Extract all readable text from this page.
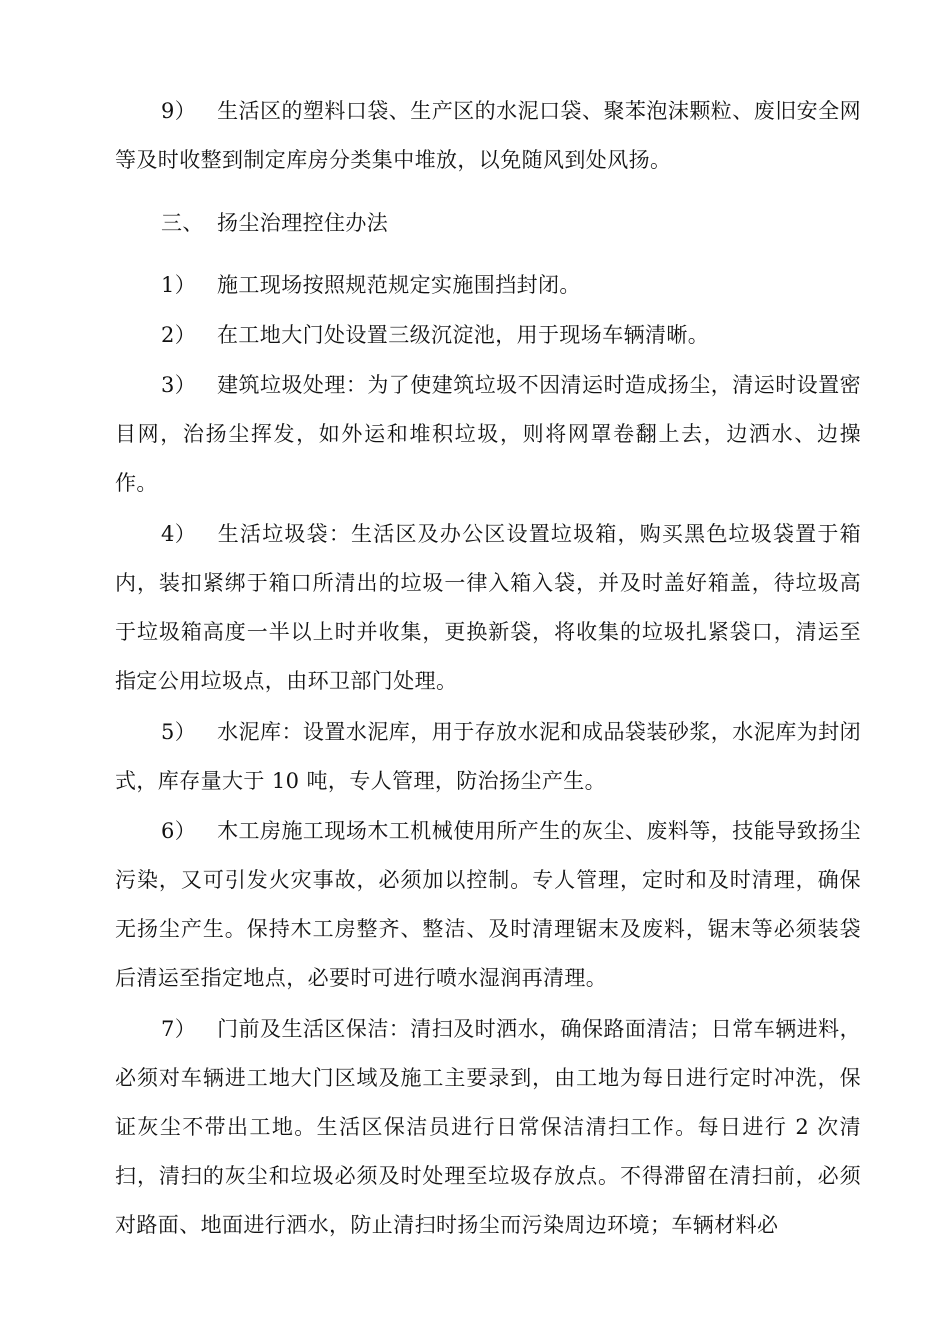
9） 生活区的塑料口袋、生产区的水泥口袋、聚苯泡沫颗粒、废旧安全网等及时收整到制定库房分类集中堆放，以免随风到处风扬。

三、 扬尘治理控住办法

1） 施工现场按照规范规定实施围挡封闭。

2） 在工地大门处设置三级沉淀池，用于现场车辆清晰。

3） 建筑垃圾处理：为了使建筑垃圾不因清运时造成扬尘，清运时设置密目网，治扬尘挥发，如外运和堆积垃圾，则将网罩卷翻上去，边洒水、边操作。

4） 生活垃圾袋：生活区及办公区设置垃圾箱，购买黑色垃圾袋置于箱内，装扣紧绑于箱口所清出的垃圾一律入箱入袋，并及时盖好箱盖，待垃圾高于垃圾箱高度一半以上时并收集，更换新袋，将收集的垃圾扎紧袋口，清运至指定公用垃圾点，由环卫部门处理。

5） 水泥库：设置水泥库，用于存放水泥和成品袋装砂浆，水泥库为封闭式，库存量大于 10 吨，专人管理，防治扬尘产生。

6） 木工房施工现场木工机械使用所产生的灰尘、废料等，技能导致扬尘污染，又可引发火灾事故，必须加以控制。专人管理，定时和及时清理，确保无扬尘产生。保持木工房整齐、整洁、及时清理锯末及废料，锯末等必须装袋后清运至指定地点，必要时可进行喷水湿润再清理。

7） 门前及生活区保洁：清扫及时洒水，确保路面清洁；日常车辆进料，必须对车辆进工地大门区域及施工主要录到，由工地为每日进行定时冲洗，保证灰尘不带出工地。生活区保洁员进行日常保洁清扫工作。每日进行 2 次清扫，清扫的灰尘和垃圾必须及时处理至垃圾存放点。不得滞留在清扫前，必须对路面、地面进行洒水，防止清扫时扬尘而污染周边环境；车辆材料必
